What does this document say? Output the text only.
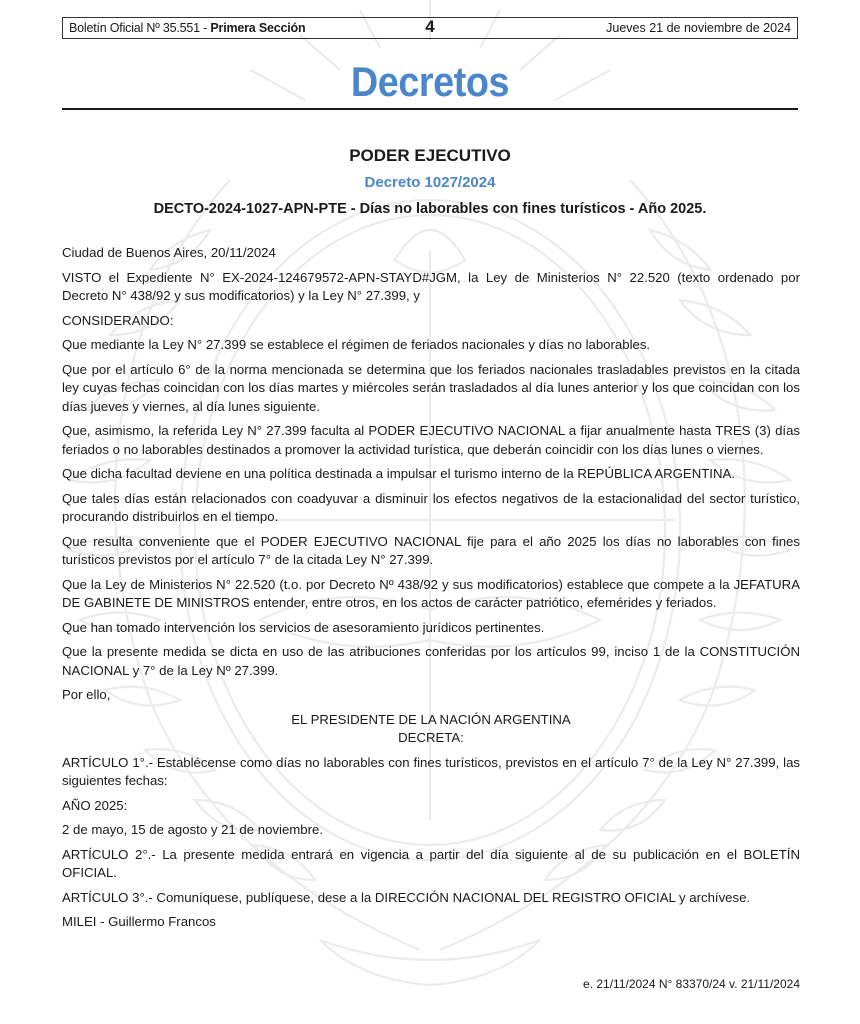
Boletín Oficial Nº 35.551 - Primera Sección	4	Jueves 21 de noviembre de 2024
Decretos
PODER EJECUTIVO
Decreto 1027/2024
DECTO-2024-1027-APN-PTE - Días no laborables con fines turísticos - Año 2025.

Ciudad de Buenos Aires, 20/11/2024

VISTO el Expediente N° EX-2024-124679572-APN-STAYD#JGM, la Ley de Ministerios N° 22.520 (texto ordenado por Decreto N° 438/92 y sus modificatorios) y la Ley N° 27.399, y

CONSIDERANDO:

Que mediante la Ley N° 27.399 se establece el régimen de feriados nacionales y días no laborables.

Que por el artículo 6° de la norma mencionada se determina que los feriados nacionales trasladables previstos en la citada ley cuyas fechas coincidan con los días martes y miércoles serán trasladados al día lunes anterior y los que coincidan con los días jueves y viernes, al día lunes siguiente.

Que, asimismo, la referida Ley N° 27.399 faculta al PODER EJECUTIVO NACIONAL a fijar anualmente hasta TRES (3) días feriados o no laborables destinados a promover la actividad turística, que deberán coincidir con los días lunes o viernes.

Que dicha facultad deviene en una política destinada a impulsar el turismo interno de la REPÚBLICA ARGENTINA.

Que tales días están relacionados con coadyuvar a disminuir los efectos negativos de la estacionalidad del sector turístico, procurando distribuirlos en el tiempo.

Que resulta conveniente que el PODER EJECUTIVO NACIONAL fije para el año 2025 los días no laborables con fines turísticos previstos por el artículo 7° de la citada Ley N° 27.399.

Que la Ley de Ministerios N° 22.520 (t.o. por Decreto Nº 438/92 y sus modificatorios) establece que compete a la JEFATURA DE GABINETE DE MINISTROS entender, entre otros, en los actos de carácter patriótico, efemérides y feriados.

Que han tomado intervención los servicios de asesoramiento jurídicos pertinentes.

Que la presente medida se dicta en uso de las atribuciones conferidas por los artículos 99, inciso 1 de la CONSTITUCIÓN NACIONAL y 7° de la Ley Nº 27.399.

Por ello,

EL PRESIDENTE DE LA NACIÓN ARGENTINA
DECRETA:

ARTÍCULO 1°.- Establécense como días no laborables con fines turísticos, previstos en el artículo 7° de la Ley N° 27.399, las siguientes fechas:

AÑO 2025:

2 de mayo, 15 de agosto y 21 de noviembre.

ARTÍCULO 2°.- La presente medida entrará en vigencia a partir del día siguiente al de su publicación en el BOLETÍN OFICIAL.

ARTÍCULO 3°.- Comuníquese, publíquese, dese a la DIRECCIÓN NACIONAL DEL REGISTRO OFICIAL y archívese.

MILEI - Guillermo Francos

e. 21/11/2024 N° 83370/24 v. 21/11/2024
